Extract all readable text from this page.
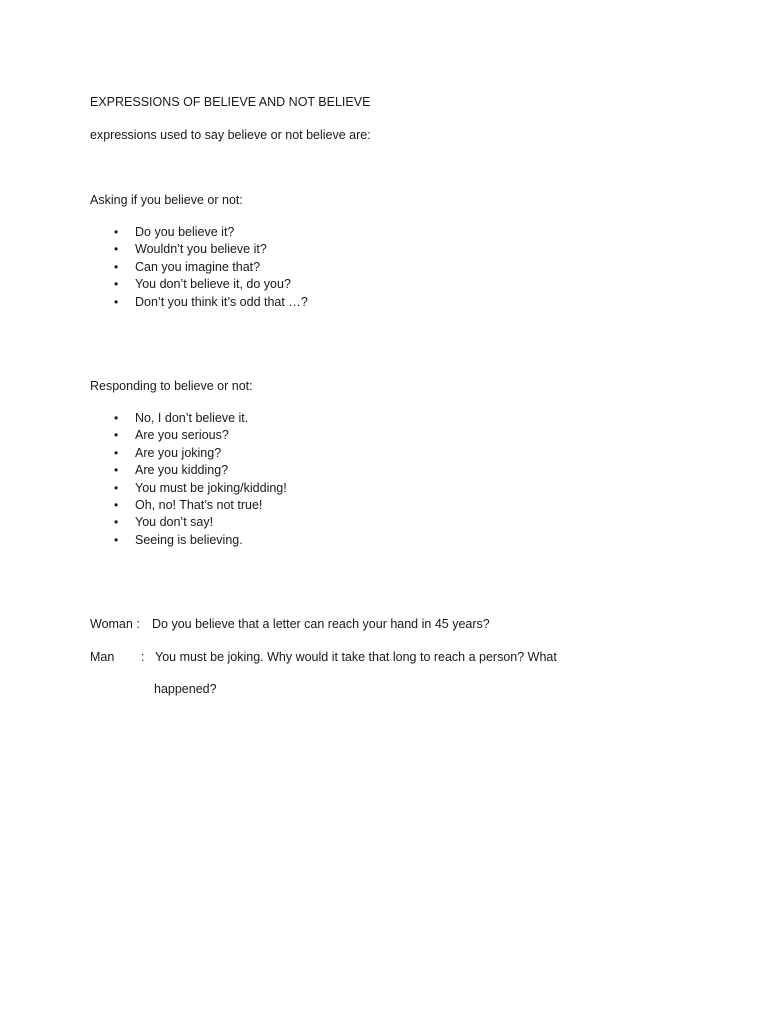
EXPRESSIONS OF BELIEVE AND NOT BELIEVE
expressions used to say believe or not believe are:
Asking if you believe or not:
• Do you believe it?
• Wouldn’t you believe it?
• Can you imagine that?
• You don’t believe it, do you?
• Don’t you think it’s odd that …?
Responding to believe or not:
• No, I don’t believe it.
• Are you serious?
• Are you joking?
• Are you kidding?
• You must be joking/kidding!
• Oh, no! That’s not true!
• You don’t say!
• Seeing is believing.
Woman : Do you believe that a letter can reach your hand in 45 years?
Man : You must be joking. Why would it take that long to reach a person? What
happened?
